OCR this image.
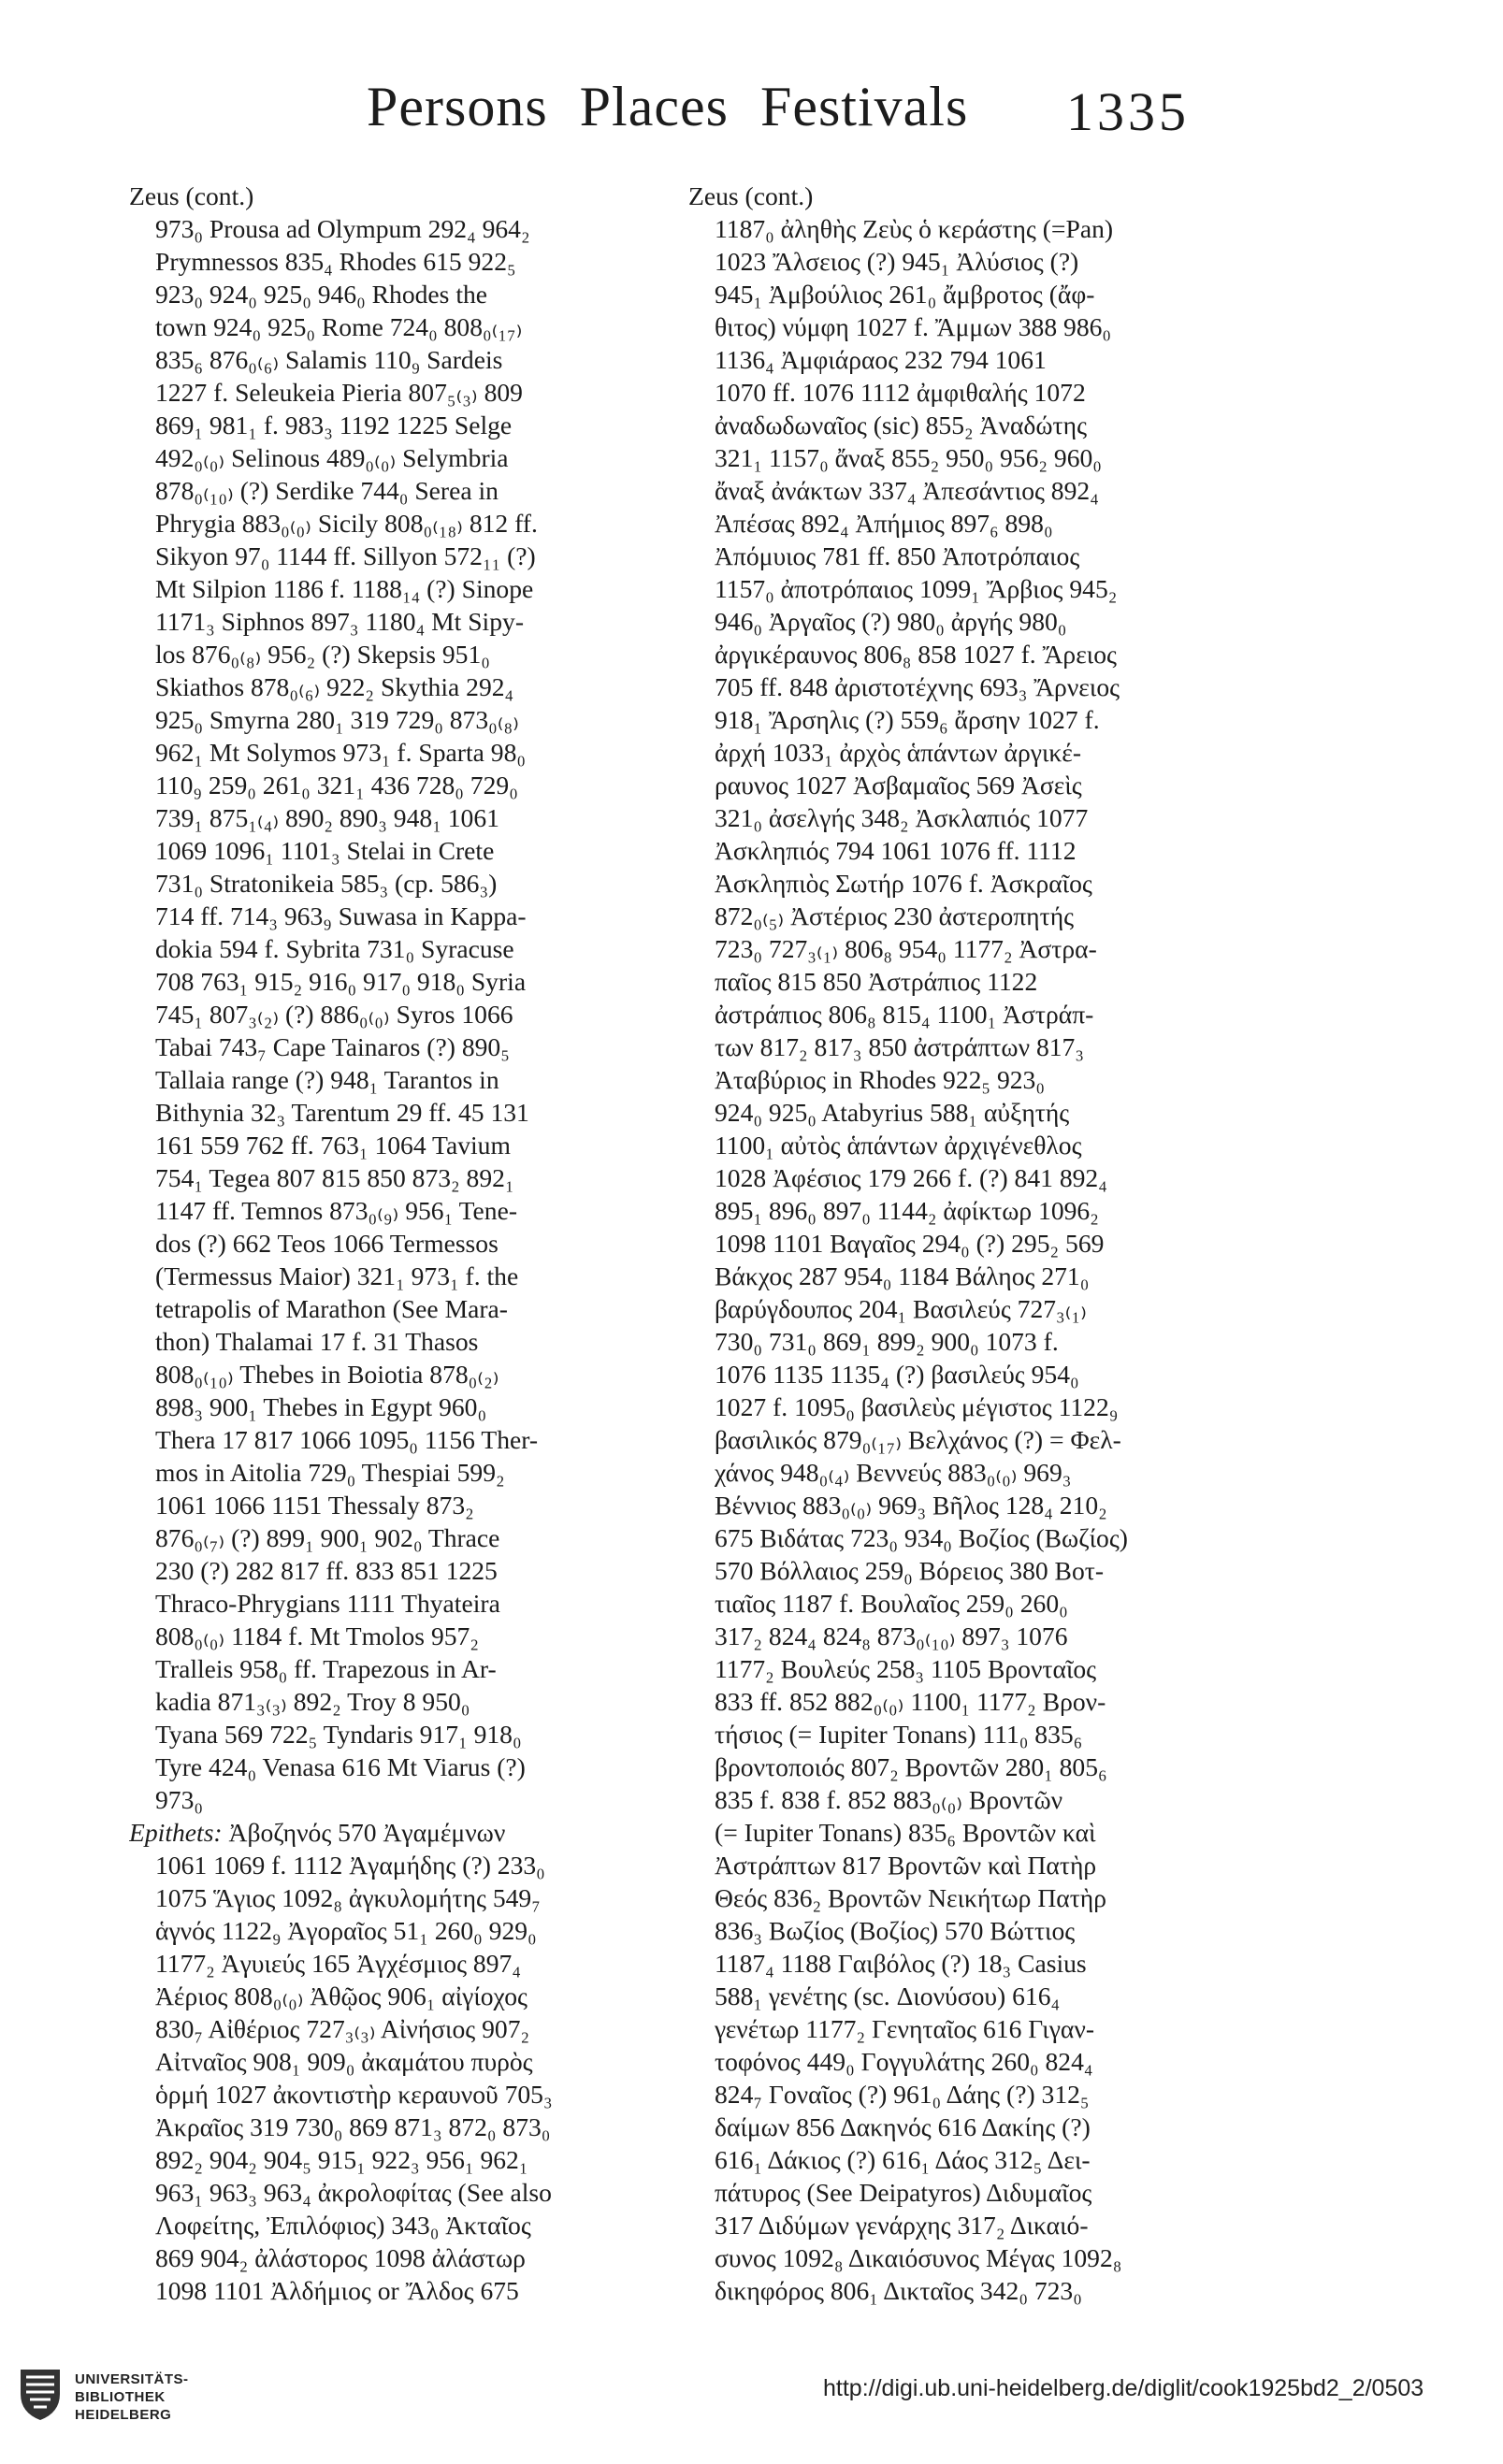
Persons Places Festivals 1335
Zeus (cont.)
973₀ Prousa ad Olympum 292₄ 964₂
Prymnessos 835₄ Rhodes 615 922₅
923₀ 924₀ 925₀ 946₀ Rhodes the
town 924₀ 925₀ Rome 724₀ 808₀₍₁₇₎
835₆ 876₀₍₆₎ Salamis 110₉ Sardeis
1227 f. Seleukeia Pieria 807₅₍₃₎ 809
869₁ 981₁ f. 983₃ 1192 1225 Selge
492₀₍₀₎ Selinous 489₀₍₀₎ Selymbria
878₀₍₁₀₎ (?) Serdike 744₀ Serea in
Phrygia 883₀₍₀₎ Sicily 808₀₍₁₈₎ 812 ff.
Sikyon 97₀ 1144 ff. Sillyon 572₁₁ (?)
Mt Silpion 1186 f. 1188₁₄ (?) Sinope
1171₃ Siphnos 897₃ 1180₄ Mt Sipy-
los 876₀₍₈₎ 956₂ (?) Skepsis 951₀
Skiathos 878₀₍₆₎ 922₂ Skythia 292₄
925₀ Smyrna 280₁ 319 729₀ 873₀₍₈₎
962₁ Mt Solymos 973₁ f. Sparta 98₀
110₉ 259₀ 261₀ 321₁ 436 728₀ 729₀
739₁ 875₁₍₄₎ 890₂ 890₃ 948₁ 1061
1069 1096₁ 1101₃ Stelai in Crete
731₀ Stratonikeia 585₃ (cp. 586₃)
714 ff. 714₃ 963₉ Suwasa in Kappa-
dokia 594 f. Sybrita 731₀ Syracuse
708 763₁ 915₂ 916₀ 917₀ 918₀ Syria
745₁ 807₃₍₂₎ (?) 886₀₍₀₎ Syros 1066
Tabai 743₇ Cape Tainaros (?) 890₅
Tallaia range (?) 948₁ Tarantos in
Bithynia 32₃ Tarentum 29 ff. 45 131
161 559 762 ff. 763₁ 1064 Tavium
754₁ Tegea 807 815 850 873₂ 892₁
1147 ff. Temnos 873₀₍₉₎ 956₁ Tene-
dos (?) 662 Teos 1066 Termessos
(Termessus Maior) 321₁ 973₁ f. the
tetrapolis of Marathon (See Mara-
thon) Thalamai 17 f. 31 Thasos
808₀₍₁₀₎ Thebes in Boiotia 878₀₍₂₎
898₃ 900₁ Thebes in Egypt 960₀
Thera 17 817 1066 1095₀ 1156 Ther-
mos in Aitolia 729₀ Thespiai 599₂
1061 1066 1151 Thessaly 873₂
876₀₍₇₎ (?) 899₁ 900₁ 902₀ Thrace
230 (?) 282 817 ff. 833 851 1225
Thraco-Phrygians 1111 Thyateira
808₀₍₀₎ 1184 f. Mt Tmolos 957₂
Tralleis 958₀ ff. Trapezous in Ar-
kadia 871₃₍₃₎ 892₂ Troy 8 950₀
Tyana 569 722₅ Tyndaris 917₁ 918₀
Tyre 424₀ Venasa 616 Mt Viarus (?)
973₀
Epithets: Ἀβοζηνός 570 Ἀγαμέμνων
1061 1069 f. 1112 Ἀγαμήδης (?) 233₀
1075 Ἅγιος 1092₈ ἀγκυλομήτης 549₇
ἁγνός 1122₉ Ἀγοραῖος 51₁ 260₀ 929₀
1177₂ Ἀγυιεύς 165 Ἀγχέσμιος 897₄
Ἀέριος 808₀₍₀₎ Ἀθῷος 906₁ αἰγίοχος
830₇ Αἰθέριος 727₃₍₃₎ Αἰνήσιος 907₂
Αἰτναῖος 908₁ 909₀ ἀκαμάτου πυρὸς
ὁρμή 1027 ἀκοντιστὴρ κεραυνοῦ 705₃
Ἀκραῖος 319 730₀ 869 871₃ 872₀ 873₀
892₂ 904₂ 904₅ 915₁ 922₃ 956₁ 962₁
963₁ 963₃ 963₄ ἀκρολοφίτας (See also
Λοφείτης, Ἐπιλόφιος) 343₀ Ἀκταῖος
869 904₂ ἀλάστορος 1098 ἀλάστωρ
1098 1101 Ἀλδήμιος or Ἄλδος 675
Zeus (cont.)
1187₀ ἀληθὴς Ζεὺς ὁ κεράστης (=Pan)
1023 Ἄλσειος (?) 945₁ Ἀλύσιος (?)
945₁ Ἀμβούλιος 261₀ ἄμβροτος (ἄφ-
θιτος) νύμφη 1027 f. Ἄμμων 388 986₀
1136₄ Ἀμφιάραος 232 794 1061
1070 ff. 1076 1112 ἀμφιθαλής 1072
ἀναδωδωναῖος (sic) 855₂ Ἀναδώτης
321₁ 1157₀ ἄναξ 855₂ 950₀ 956₂ 960₀
ἄναξ ἀνάκτων 337₄ Ἀπεσάντιος 892₄
Ἀπέσας 892₄ Ἀπήμιος 897₆ 898₀
Ἀπόμυιος 781 ff. 850 Ἀποτρόπαιος
1157₀ ἀποτρόπαιος 1099₁ Ἄρβιος 945₂
946₀ Ἀργαῖος (?) 980₀ ἀργής 980₀
ἀργικέραυνος 806₈ 858 1027 f. Ἄρειος
705 ff. 848 ἀριστοτέχνης 693₃ Ἄρνειος
918₁ Ἄρσηλις (?) 559₆ ἄρσην 1027 f.
ἀρχή 1033₁ ἀρχὸς ἁπάντων ἀργικέ-
ραυνος 1027 Ἀσβαμαῖος 569 Ἀσεὶς
321₀ ἀσελγής 348₂ Ἀσκλαπιός 1077
Ἀσκληπιός 794 1061 1076 ff. 1112
Ἀσκληπιὸς Σωτήρ 1076 f. Ἀσκραῖος
872₀₍₅₎ Ἀστέριος 230 ἀστεροπητής
723₀ 727₃₍₁₎ 806₈ 954₀ 1177₂ Ἀστρα-
παῖος 815 850 Ἀστράπιος 1122
ἀστράπιος 806₈ 815₄ 1100₁ Ἀστράπ-
των 817₂ 817₃ 850 ἀστράπτων 817₃
Ἀταβύριος in Rhodes 922₅ 923₀
924₀ 925₀ Atabyrius 588₁ αὐξητής
1100₁ αὐτὸς ἁπάντων ἀρχιγένεθλος
1028 Ἀφέσιος 179 266 f. (?) 841 892₄
895₁ 896₀ 897₀ 1144₂ ἀφίκτωρ 1096₂
1098 1101 Βαγαῖος 294₀ (?) 295₂ 569
Βάκχος 287 954₀ 1184 Βάληος 271₀
βαρύγδουπος 204₁ Βασιλεύς 727₃₍₁₎
730₀ 731₀ 869₁ 899₂ 900₀ 1073 f.
1076 1135 1135₄ (?) βασιλεύς 954₀
1027 f. 1095₀ βασιλεὺς μέγιστος 1122₉
βασιλικός 879₀₍₁₇₎ Βελχάνος (?) = Φελ-
χάνος 948₀₍₄₎ Βεννεύς 883₀₍₀₎ 969₃
Βέννιος 883₀₍₀₎ 969₃ Βῆλος 128₄ 210₂
675 Βιδάτας 723₀ 934₀ Βοζίος (Βωζίος)
570 Βόλλαιος 259₀ Βόρειος 380 Βοτ-
τιαῖος 1187 f. Βουλαῖος 259₀ 260₀
317₂ 824₄ 824₈ 873₀₍₁₀₎ 897₃ 1076
1177₂ Βουλεύς 258₃ 1105 Βρονταῖος
833 ff. 852 882₀₍₀₎ 1100₁ 1177₂ Βρον-
τήσιος (= Iupiter Tonans) 111₀ 835₆
βροντοποιός 807₂ Βροντῶν 280₁ 805₆
835 f. 838 f. 852 883₀₍₀₎ Βροντῶν
(= Iupiter Tonans) 835₆ Βροντῶν καὶ
Ἀστράπτων 817 Βροντῶν καὶ Πατὴρ
Θεός 836₂ Βροντῶν Νεικήτωρ Πατὴρ
836₃ Βωζίος (Βοζίος) 570 Βώττιος
1187₄ 1188 Γαιβόλος (?) 18₃ Casius
588₁ γενέτης (sc. Διονύσου) 616₄
γενέτωρ 1177₂ Γενηταῖος 616 Γιγαν-
τοφόνος 449₀ Γογγυλάτης 260₀ 824₄
824₇ Γοναῖος (?) 961₀ Δάης (?) 312₅
δαίμων 856 Δακηνός 616 Δακίης (?)
616₁ Δάκιος (?) 616₁ Δάος 312₅ Δει-
πάτυρος (See Deipatyros) Διδυμαῖος
317 Διδύμων γενάρχης 317₂ Δικαιό-
συνος 1092₈ Δικαιόσυνος Μέγας 1092₈
δικηφόρος 806₁ Δικταῖος 342₀ 723₀
UNIVERSITÄTS-
BIBLIOTHEK
HEIDELBERG
http://digi.ub.uni-heidelberg.de/diglit/cook1925bd2_2/0503
